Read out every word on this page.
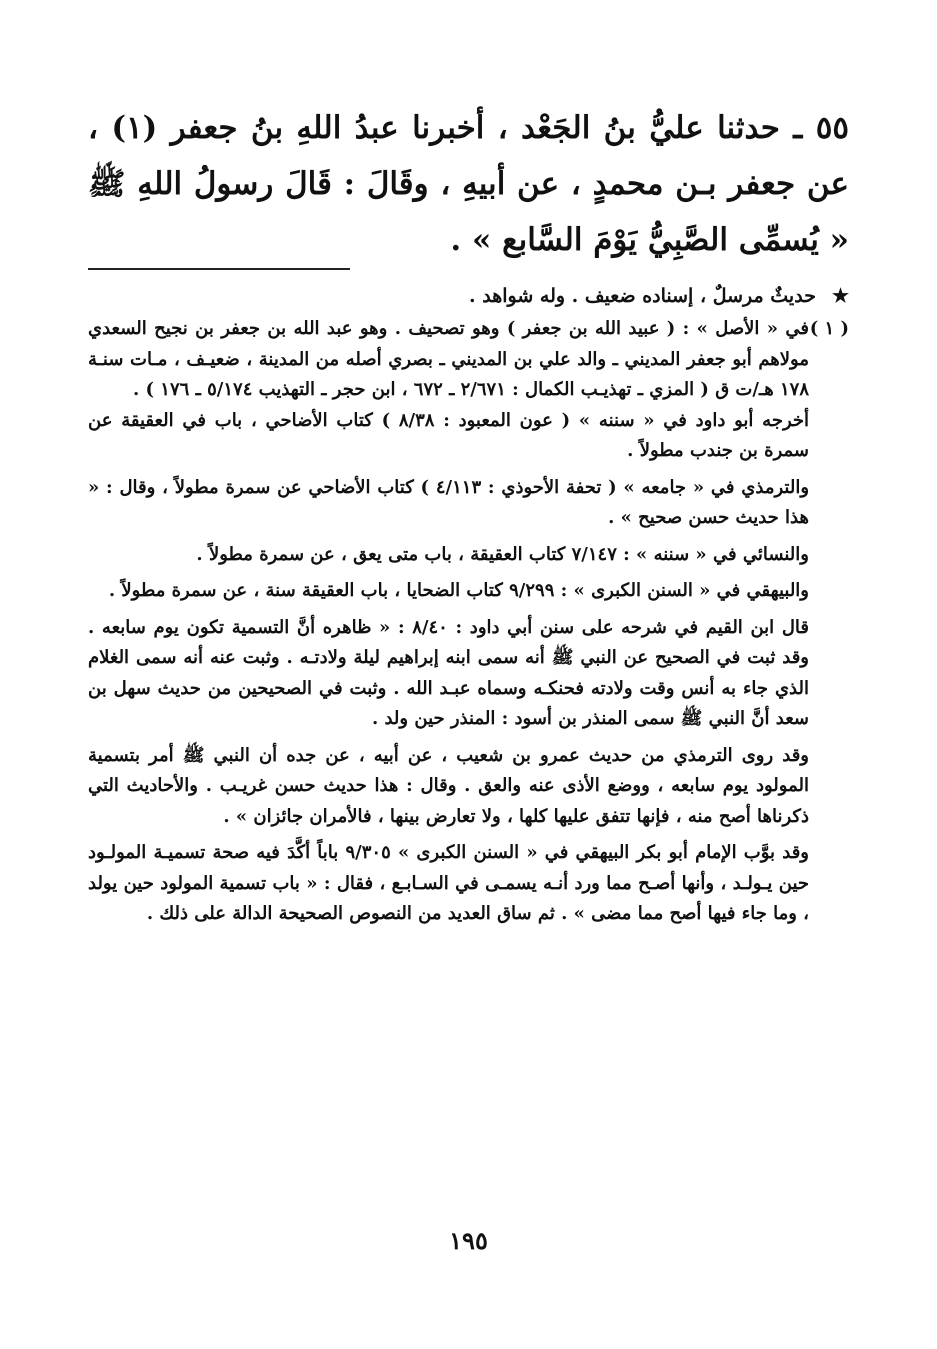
٥٥ ـ حدثنا عليُّ بنُ الجَعْد ، أخبرنا عبدُ اللهِ بنُ جعفر (١) ، عن جعفر بـن محمدٍ ، عن أبيهِ ، وقَالَ : قَالَ رسولُ اللهِ ﷺ « يُسمِّى الصَّبِيُّ يَوْمَ السَّابع » .
★حديثٌ مرسلٌ ، إسناده ضعيف . وله شواهد .
( ١ )
في « الأصل » : ( عبيد الله بن جعفر ) وهو تصحيف . وهو عبد الله بن جعفر بن نجيح السعدي مولاهم أبو جعفر المديني ـ والد علي بن المديني ـ بصري أصله من المدينة ، ضعيـف ، مـات سنـة ١٧٨ هـ/ت ق ( المزي ـ تهذيـب الكمال : ٢/٦٧١ ـ ٦٧٢ ، ابن حجر ـ التهذيب ٥/١٧٤ ـ ١٧٦ ) .

أخرجه أبو داود في « سننه » ( عون المعبود : ٨/٣٨ ) كتاب الأضاحي ، باب في العقيقة عن سمرة بن جندب مطولاً .

والترمذي في « جامعه » ( تحفة الأحوذي : ٤/١١٣ ) كتاب الأضاحي عن سمرة مطولاً ، وقال : « هذا حديث حسن صحيح » .

والنسائي في « سننه » : ٧/١٤٧ كتاب العقيقة ، باب متى يعق ، عن سمرة مطولاً .

والبيهقي في « السنن الكبرى » : ٩/٢٩٩ كتاب الضحايا ، باب العقيقة سنة ، عن سمرة مطولاً .

قال ابن القيم في شرحه على سنن أبي داود : ٨/٤٠ : « ظاهره أنَّ التسمية تكون يوم سابعه . وقد ثبت في الصحيح عن النبي ﷺ أنه سمى ابنه إبراهيم ليلة ولادتـه . وثبت عنه أنه سمى الغلام الذي جاء به أنس وقت ولادته فحنكـه وسماه عبـد الله . وثبت في الصحيحين من حديث سهل بن سعد أنَّ النبي ﷺ سمى المنذر بن أسود : المنذر حين ولد .

وقد روى الترمذي من حديث عمرو بن شعيب ، عن أبيه ، عن جده أن النبي ﷺ أمر بتسمية المولود يوم سابعه ، ووضع الأذى عنه والعق . وقال : هذا حديث حسن غريـب . والأحاديث التي ذكرناها أصح منه ، فإنها تتفق عليها كلها ، ولا تعارض بينها ، فالأمران جائزان » .

وقد بوَّب الإمام أبو بكر البيهقي في « السنن الكبرى » ٩/٣٠٥ باباً أكَّدَ فيه صحة تسميـة المولـود حين يـولـد ، وأنها أصـح مما ورد أنـه يسمـى في السـابـع ، فقال : « باب تسمية المولود حين يولد ، وما جاء فيها أصح مما مضى » . ثم ساق العديد من النصوص الصحيحة الدالة على ذلك .

١٩٥
